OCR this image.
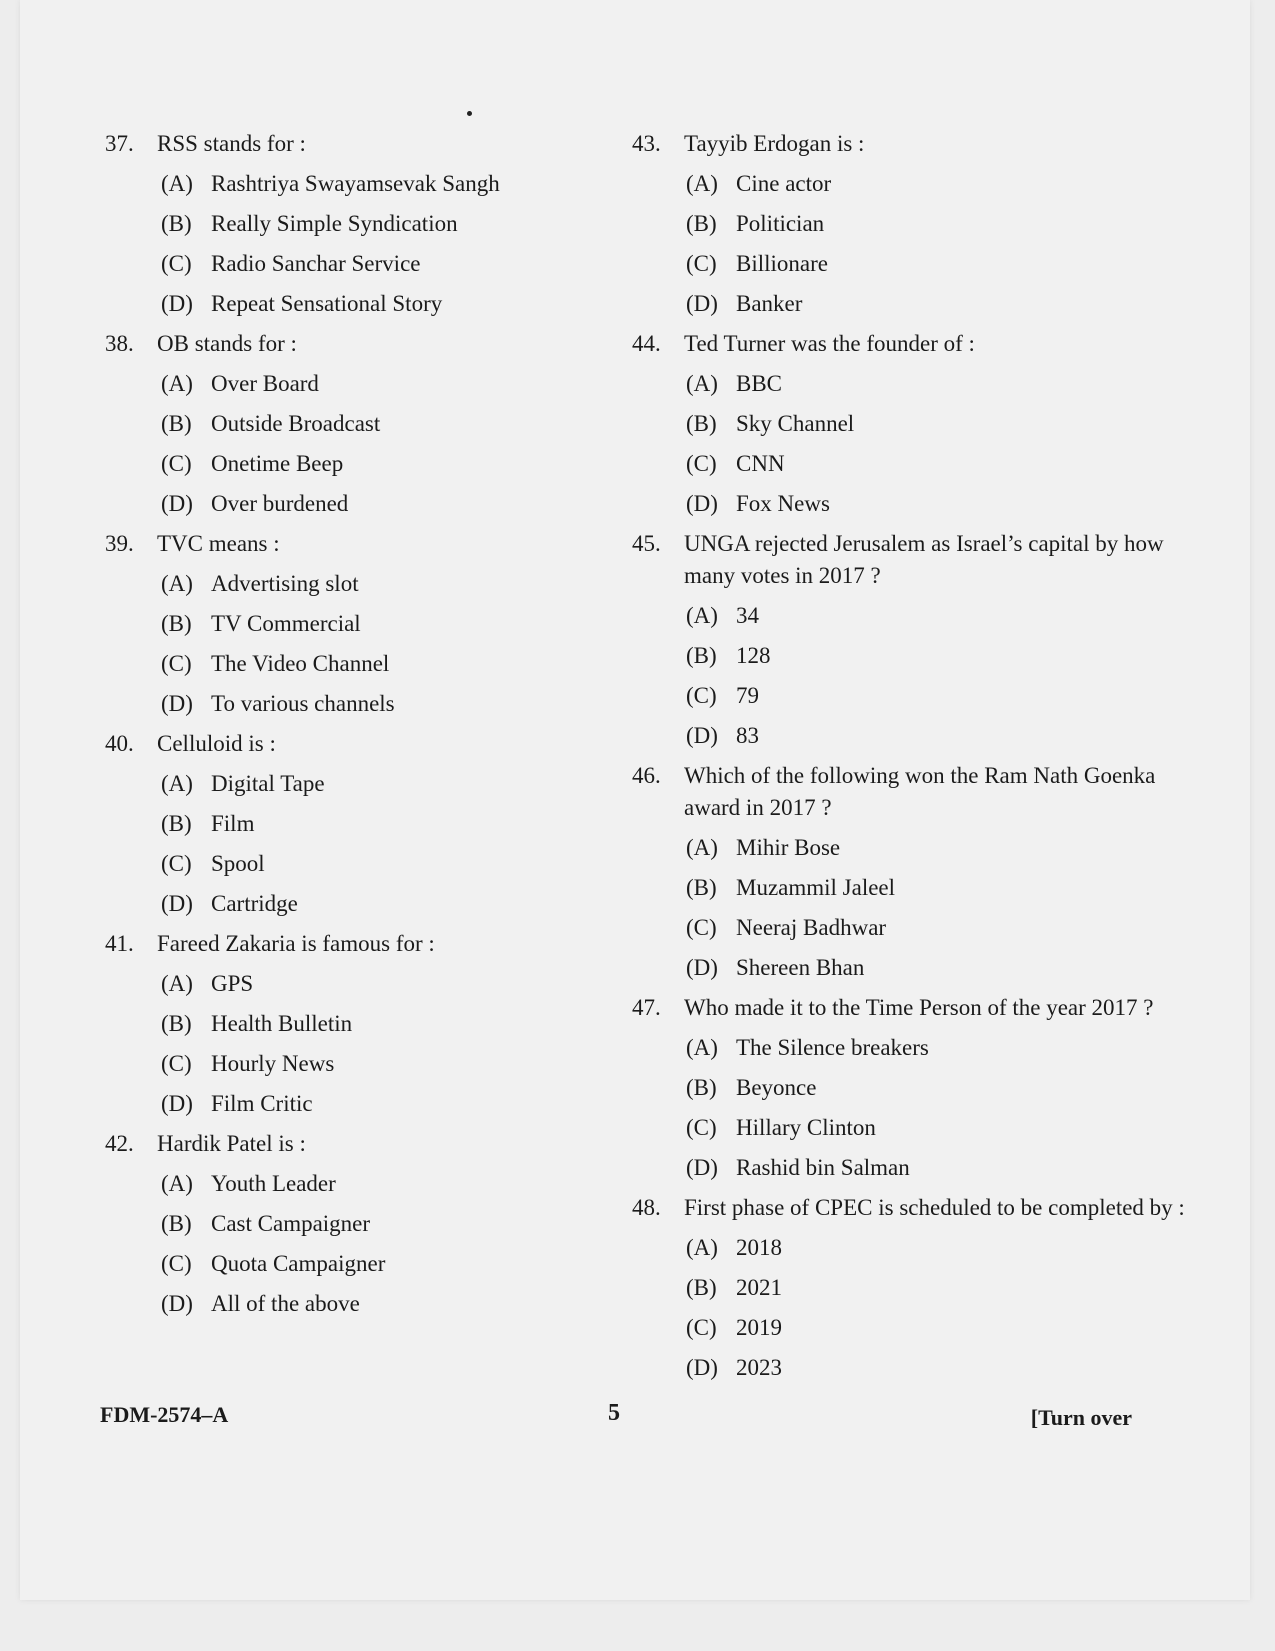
37.	RSS stands for :
(A) Rashtriya Swayamsevak Sangh
(B) Really Simple Syndication
(C) Radio Sanchar Service
(D) Repeat Sensational Story
38.	OB stands for :
(A) Over Board
(B) Outside Broadcast
(C) Onetime Beep
(D) Over burdened
39.	TVC means :
(A) Advertising slot
(B) TV Commercial
(C) The Video Channel
(D) To various channels
40.	Celluloid is :
(A) Digital Tape
(B) Film
(C) Spool
(D) Cartridge
41.	Fareed Zakaria is famous for :
(A) GPS
(B) Health Bulletin
(C) Hourly News
(D) Film Critic
42.	Hardik Patel is :
(A) Youth Leader
(B) Cast Campaigner
(C) Quota Campaigner
(D) All of the above
43.	Tayyib Erdogan is :
(A) Cine actor
(B) Politician
(C) Billionare
(D) Banker
44.	Ted Turner was the founder of :
(A) BBC
(B) Sky Channel
(C) CNN
(D) Fox News
45.	UNGA rejected Jerusalem as Israel’s capital by how many votes in 2017 ?
(A) 34
(B) 128
(C) 79
(D) 83
46.	Which of the following won the Ram Nath Goenka award in 2017 ?
(A) Mihir Bose
(B) Muzammil Jaleel
(C) Neeraj Badhwar
(D) Shereen Bhan
47.	Who made it to the Time Person of the year 2017 ?
(A) The Silence breakers
(B) Beyonce
(C) Hillary Clinton
(D) Rashid bin Salman
48.	First phase of CPEC is scheduled to be completed by :
(A) 2018
(B) 2021
(C) 2019
(D) 2023
FDM-2574–A	5	[Turn over
